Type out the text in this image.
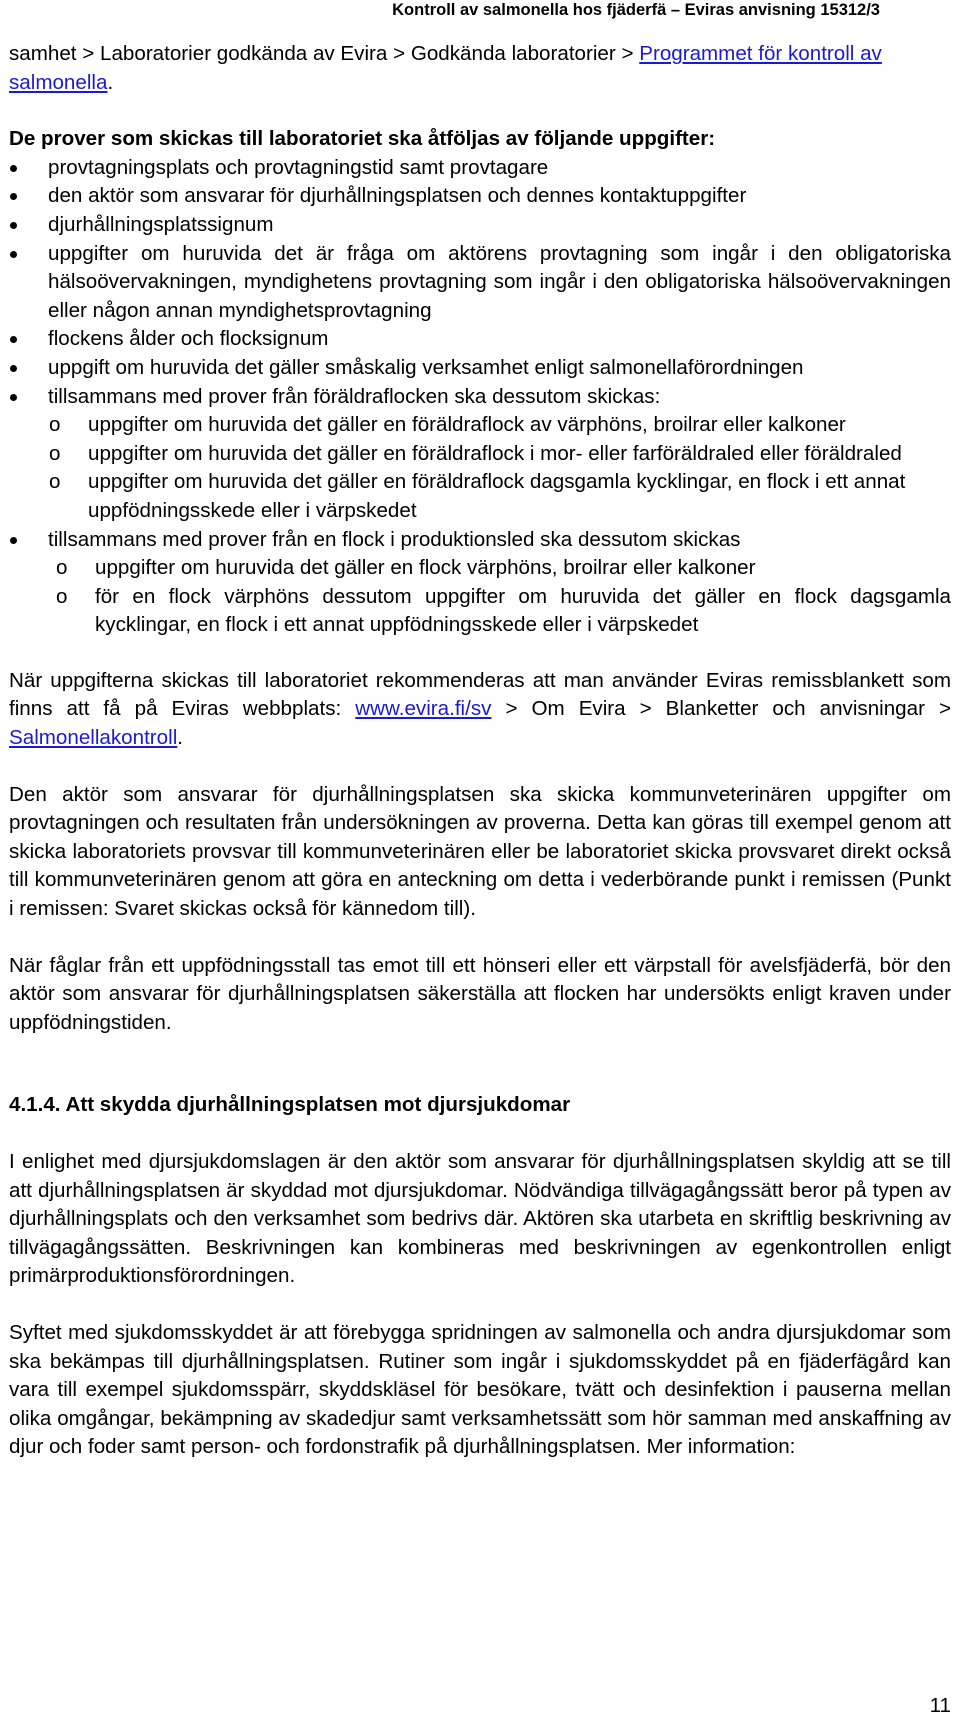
Kontroll av salmonella hos fjäderfä – Eviras anvisning 15312/3

samhet > Laboratorier godkända av Evira > Godkända laboratorier > Programmet för kontroll av salmonella.

De prover som skickas till laboratoriet ska åtföljas av följande uppgifter:

provtagningsplats och provtagningstid samt provtagare
den aktör som ansvarar för djurhållningsplatsen och dennes kontaktuppgifter
djurhållningsplatssignum
uppgifter om huruvida det är fråga om aktörens provtagning som ingår i den obligatoriska hälsoövervakningen, myndighetens provtagning som ingår i den obligatoriska hälsoövervakningen eller någon annan myndighetsprovtagning
flockens ålder och flocksignum
uppgift om huruvida det gäller småskalig verksamhet enligt salmonellaförordningen
tillsammans med prover från föräldraflocken ska dessutom skickas:
o uppgifter om huruvida det gäller en föräldraflock av värphöns, broilrar eller kalkoner
o uppgifter om huruvida det gäller en föräldraflock i mor- eller farföräldraled eller föräldraled
o uppgifter om huruvida det gäller en föräldraflock dagsgamla kycklingar, en flock i ett annat uppfödningsskede eller i värpskedet
tillsammans med prover från en flock i produktionsled ska dessutom skickas
o uppgifter om huruvida det gäller en flock värphöns, broilrar eller kalkoner
o för en flock värphöns dessutom uppgifter om huruvida det gäller en flock dagsgamla kycklingar, en flock i ett annat uppfödningsskede eller i värpskedet

När uppgifterna skickas till laboratoriet rekommenderas att man använder Eviras remissblankett som finns att få på Eviras webbplats: www.evira.fi/sv > Om Evira > Blanketter och anvisningar > Salmonellakontroll.

Den aktör som ansvarar för djurhållningsplatsen ska skicka kommunveterinären uppgifter om provtagningen och resultaten från undersökningen av proverna. Detta kan göras till exempel genom att skicka laboratoriets provsvar till kommunveterinären eller be laboratoriet skicka provsvaret direkt också till kommunveterinären genom att göra en anteckning om detta i vederbörande punkt i remissen (Punkt i remissen: Svaret skickas också för kännedom till).

När fåglar från ett uppfödningsstall tas emot till ett hönseri eller ett värpstall för avelsfjäderfä, bör den aktör som ansvarar för djurhållningsplatsen säkerställa att flocken har undersökts enligt kraven under uppfödningstiden.

4.1.4. Att skydda djurhållningsplatsen mot djursjukdomar

I enlighet med djursjukdomslagen är den aktör som ansvarar för djurhållningsplatsen skyldig att se till att djurhållningsplatsen är skyddad mot djursjukdomar. Nödvändiga tillvägagångssätt beror på typen av djurhållningsplats och den verksamhet som bedrivs där. Aktören ska utarbeta en skriftlig beskrivning av tillvägagångssätten. Beskrivningen kan kombineras med beskrivningen av egenkontrollen enligt primärproduktionsförordningen.

Syftet med sjukdomsskyddet är att förebygga spridningen av salmonella och andra djursjukdomar som ska bekämpas till djurhållningsplatsen. Rutiner som ingår i sjukdomsskyddet på en fjäderfägård kan vara till exempel sjukdomsspärr, skyddskläsel för besökare, tvätt och desinfektion i pauserna mellan olika omgångar, bekämpning av skadedjur samt verksamhetssätt som hör samman med anskaffning av djur och foder samt person- och fordonstrafik på djurhållningsplatsen. Mer information:

11
